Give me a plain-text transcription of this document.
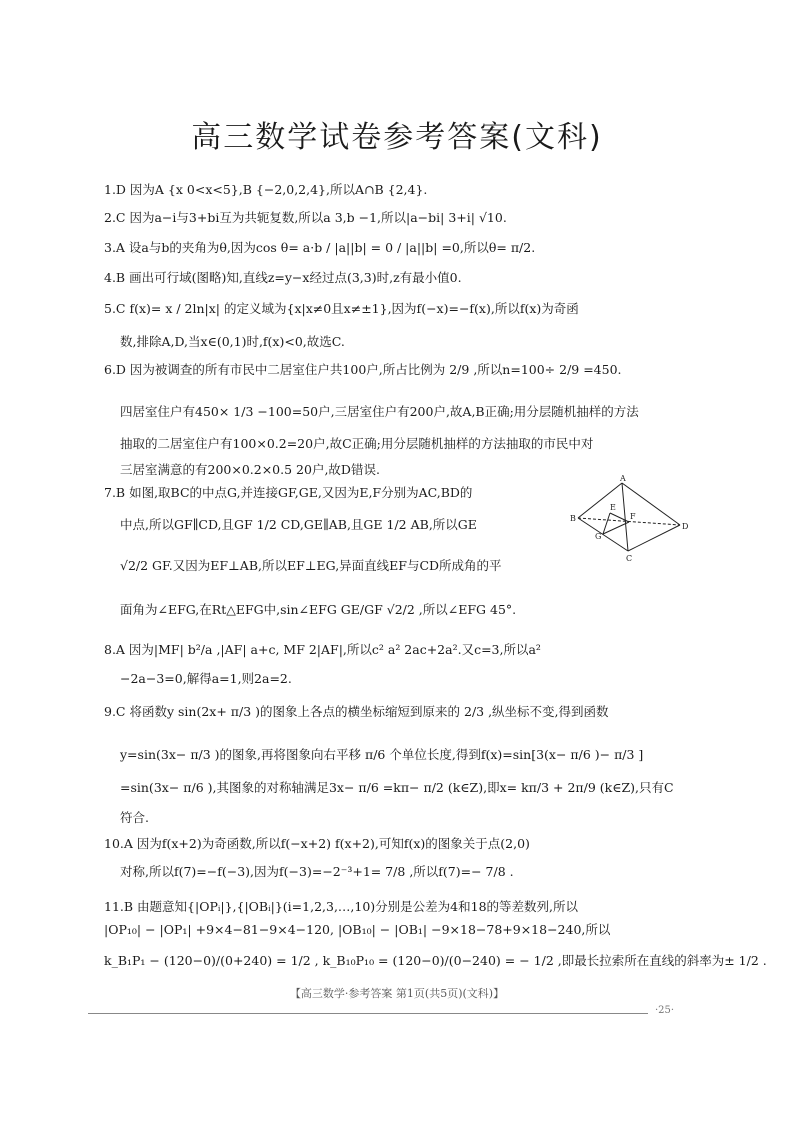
高三数学试卷参考答案(文科)
1.D 因为A {x 0<x<5},B {−2,0,2,4},所以A∩B {2,4}.
2.C 因为a−i与3+bi互为共轭复数,所以a 3,b −1,所以|a−bi| 3+i| √10.
3.A 设a与b的夹角为θ,因为cos θ= a·b / |a||b| = 0 / |a||b| =0,所以θ= π/2.
4.B 画出可行域(图略)知,直线z=y−x经过点(3,3)时,z有最小值0.
5.C f(x)= x / 2ln|x| 的定义域为{x|x≠0且x≠±1},因为f(−x)=−f(x),所以f(x)为奇函
数,排除A,D,当x∈(0,1)时,f(x)<0,故选C.
6.D 因为被调查的所有市民中二居室住户共100户,所占比例为 2/9 ,所以n=100÷ 2/9 =450.
四居室住户有450× 1/3 −100=50户,三居室住户有200户,故A,B正确;用分层随机抽样的方法
抽取的二居室住户有100×0.2=20户,故C正确;用分层随机抽样的方法抽取的市民中对
三居室满意的有200×0.2×0.5 20户,故D错误.
7.B 如图,取BC的中点G,并连接GF,GE,又因为E,F分别为AC,BD的
中点,所以GF∥CD,且GF 1/2 CD,GE∥AB,且GE 1/2 AB,所以GE
√2/2 GF.又因为EF⊥AB,所以EF⊥EG,异面直线EF与CD所成角的平
面角为∠EFG,在Rt△EFG中,sin∠EFG GE/GF √2/2 ,所以∠EFG 45°.
8.A 因为|MF| b²/a ,|AF| a+c, MF 2|AF|,所以c² a² 2ac+2a².又c=3,所以a²
−2a−3=0,解得a=1,则2a=2.
9.C 将函数y sin(2x+ π/3 )的图象上各点的横坐标缩短到原来的 2/3 ,纵坐标不变,得到函数
y=sin(3x− π/3 )的图象,再将图象向右平移 π/6 个单位长度,得到f(x)=sin[3(x− π/6 )− π/3 ]
=sin(3x− π/6 ),其图象的对称轴满足3x− π/6 =kπ− π/2 (k∈Z),即x= kπ/3 + 2π/9 (k∈Z),只有C
符合.
10.A 因为f(x+2)为奇函数,所以f(−x+2) f(x+2),可知f(x)的图象关于点(2,0)
对称,所以f(7)=−f(−3),因为f(−3)=−2⁻³+1= 7/8 ,所以f(7)=− 7/8 .
11.B 由题意知{|OPᵢ|},{|OBᵢ|}(i=1,2,3,…,10)分别是公差为4和18的等差数列,所以
|OP₁₀| − |OP₁| +9×4−81−9×4−120, |OB₁₀| − |OB₁| −9×18−78+9×18−240,所以
k_B₁P₁ − (120−0)/(0+240) = 1/2 , k_B₁₀P₁₀ = (120−0)/(0−240) = − 1/2 ,即最长拉索所在直线的斜率为± 1/2 .
A
B
C
D
E
F
G
【高三数学·参考答案 第1页(共5页)(文科)】
·25·
